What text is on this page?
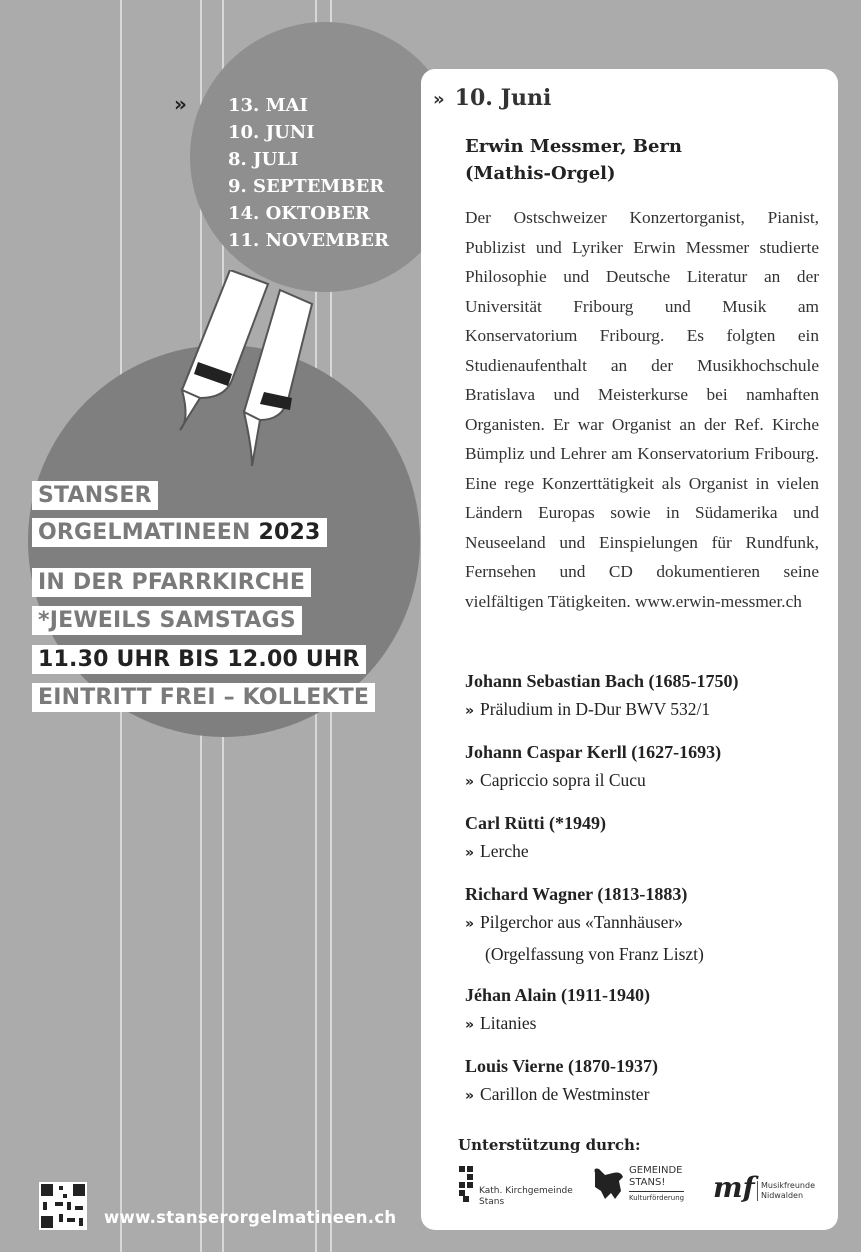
» 13. MAI
10. JUNI
8. JULI
9. SEPTEMBER
14. OKTOBER
11. NOVEMBER
STANSER
ORGELMATINEEN 2023
IN DER PFARRKIRCHE
*JEWEILS SAMSTAGS
11.30 UHR BIS 12.00 UHR
EINTRITT FREI – KOLLEKTE
» 10. Juni
Erwin Messmer, Bern
(Mathis-Orgel)
Der Ostschweizer Konzertorganist, Pianist, Publizist und Lyriker Erwin Messmer studierte Philosophie und Deutsche Literatur an der Universität Fribourg und Musik am Konservatorium Fribourg. Es folgten ein Studienaufenthalt an der Musikhochschule Bratislava und Meisterkurse bei namhaften Organisten. Er war Organist an der Ref. Kirche Bümpliz und Lehrer am Konservatorium Fribourg. Eine rege Konzerttätigkeit als Organist in vielen Ländern Europas sowie in Südamerika und Neuseeland und Einspielungen für Rundfunk, Fernsehen und CD dokumentieren seine vielfältigen Tätigkeiten. www.erwin-messmer.ch
Johann Sebastian Bach (1685-1750)
» Präludium in D-Dur BWV 532/1
Johann Caspar Kerll (1627-1693)
» Capriccio sopra il Cucu
Carl Rütti (*1949)
» Lerche
Richard Wagner (1813-1883)
» Pilgerchor aus «Tannhäuser»
(Orgelfassung von Franz Liszt)
Jéhan Alain (1911-1940)
» Litanies
Louis Vierne (1870-1937)
» Carillon de Westminster
Unterstützung durch:
Kath. Kirchgemeinde
Stans
GEMEINDE
STANS!
Kulturförderung mf Musikfreunde
Nidwalden
www.stanserorgelmatineen.ch
